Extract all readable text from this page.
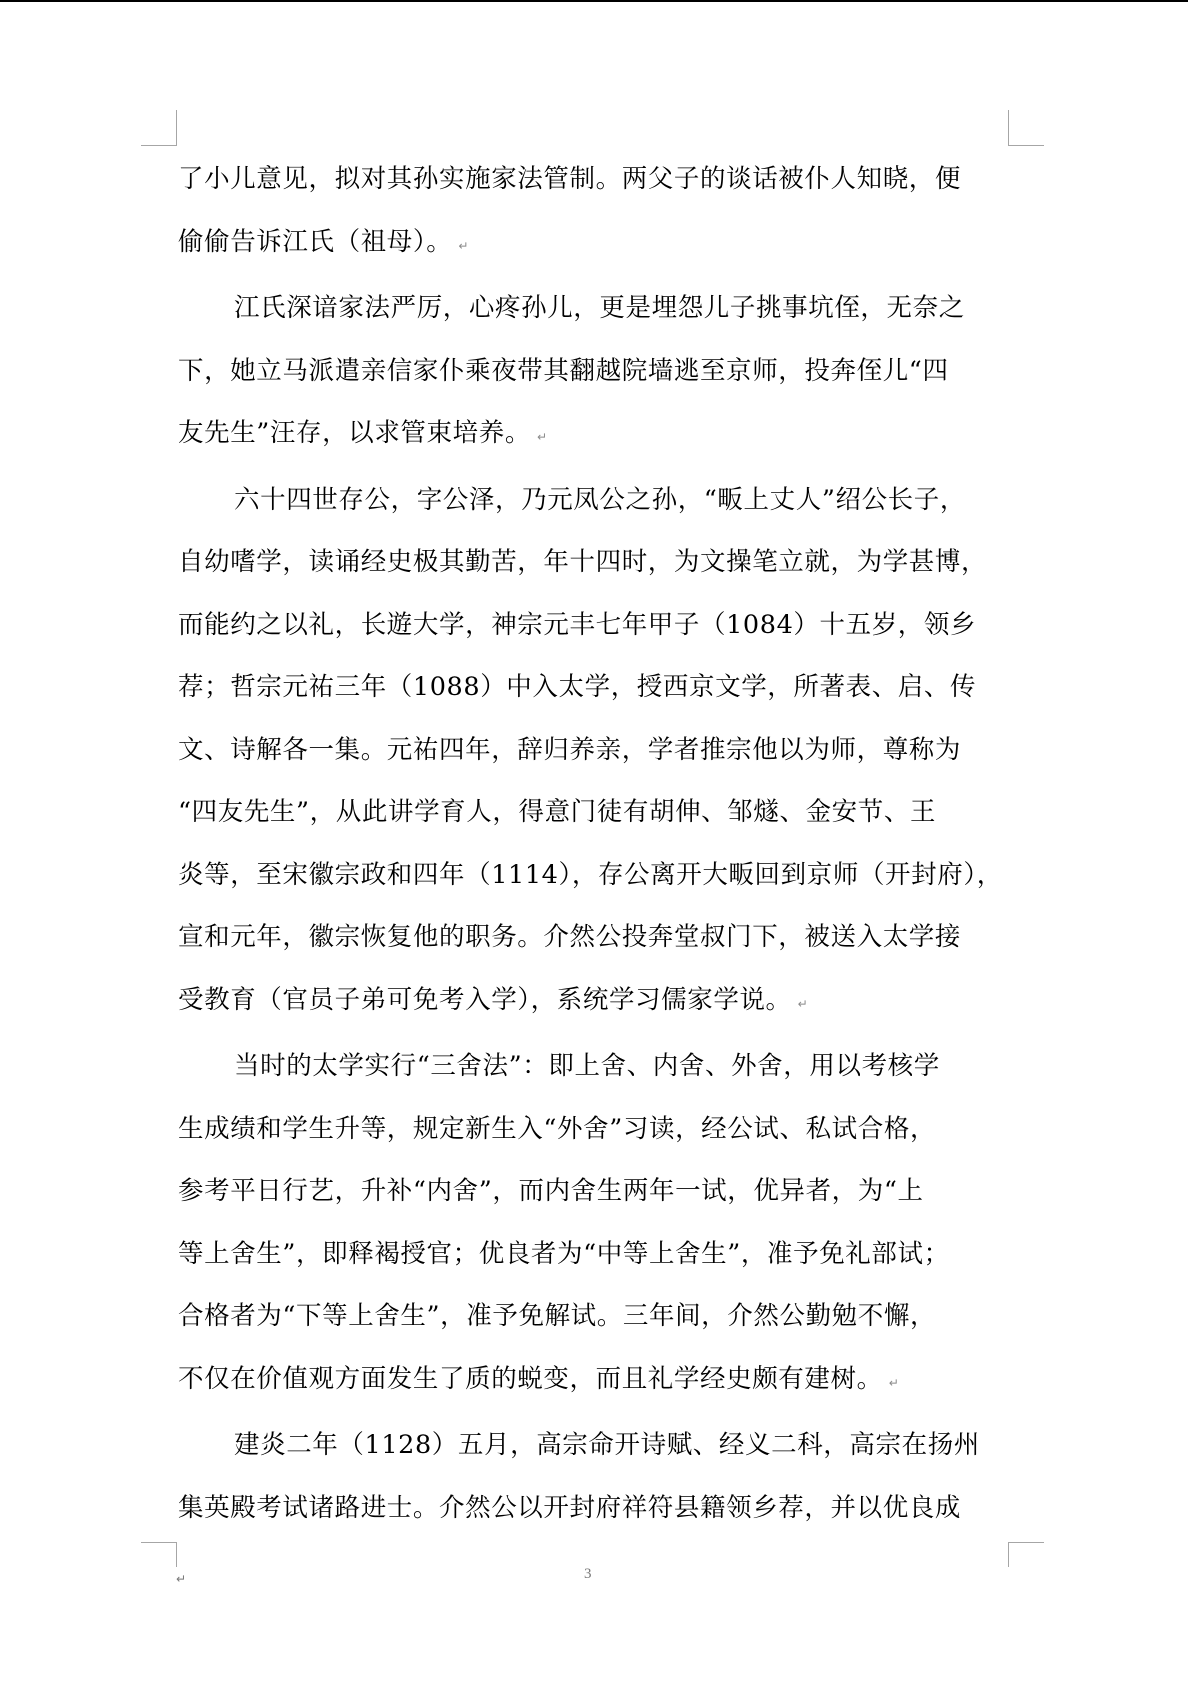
了小儿意见，拟对其孙实施家法管制。两父子的谈话被仆人知晓，便
偷偷告诉江氏（祖母）。 ↵

江氏深谙家法严厉，心疼孙儿，更是埋怨儿子挑事坑侄，无奈之
下，她立马派遣亲信家仆乘夜带其翻越院墙逃至京师，投奔侄儿“四
友先生”汪存，以求管束培养。 ↵

六十四世存公，字公泽，乃元凤公之孙，“畈上丈人”绍公长子，
自幼嗜学，读诵经史极其勤苦，年十四时，为文操笔立就，为学甚博，
而能约之以礼，长遊大学，神宗元丰七年甲子（1084）十五岁，领乡
荐；哲宗元祐三年（1088）中入太学，授西京文学，所著表、启、传
文、诗解各一集。元祐四年，辞归养亲，学者推宗他以为师，尊称为
“四友先生”，从此讲学育人，得意门徒有胡伸、邹燧、金安节、王
炎等，至宋徽宗政和四年（1114），存公离开大畈回到京师（开封府），
宣和元年，徽宗恢复他的职务。介然公投奔堂叔门下，被送入太学接
受教育（官员子弟可免考入学），系统学习儒家学说。 ↵

当时的太学实行“三舍法”：即上舍、内舍、外舍，用以考核学
生成绩和学生升等，规定新生入“外舍”习读，经公试、私试合格，
参考平日行艺，升补“内舍”，而内舍生两年一试，优异者，为“上
等上舍生”，即释褐授官；优良者为“中等上舍生”，准予免礼部试；
合格者为“下等上舍生”，准予免解试。三年间，介然公勤勉不懈，
不仅在价值观方面发生了质的蜕变，而且礼学经史颇有建树。 ↵

建炎二年（1128）五月，高宗命开诗赋、经义二科，高宗在扬州
集英殿考试诸路进士。介然公以开封府祥符县籍领乡荐，并以优良成

↵	3
